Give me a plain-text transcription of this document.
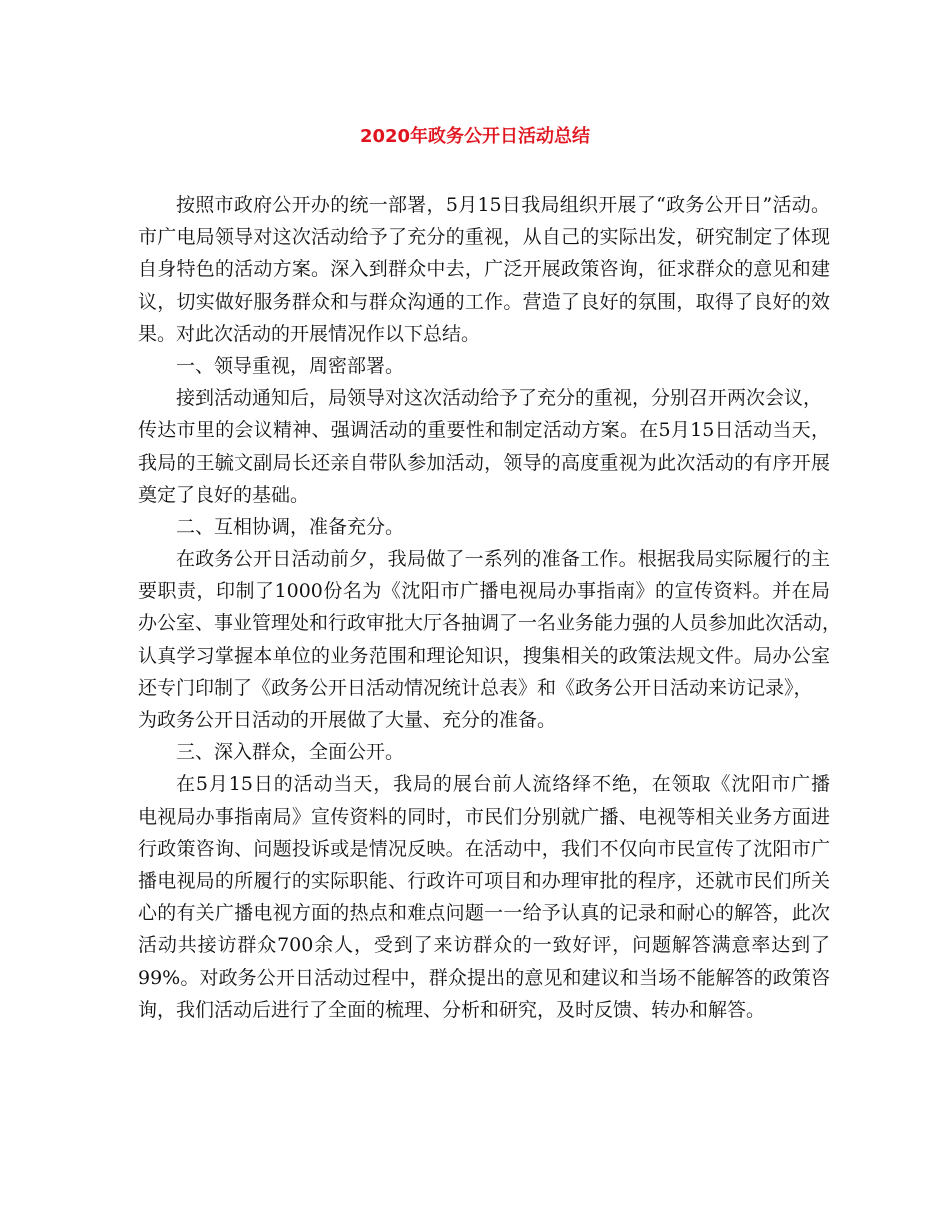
2020年政务公开日活动总结
按照市政府公开办的统一部署，5月15日我局组织开展了“政务公开日”活动。
市广电局领导对这次活动给予了充分的重视，从自己的实际出发，研究制定了体现
自身特色的活动方案。深入到群众中去，广泛开展政策咨询，征求群众的意见和建
议，切实做好服务群众和与群众沟通的工作。营造了良好的氛围，取得了良好的效
果。对此次活动的开展情况作以下总结。
一、领导重视，周密部署。
接到活动通知后，局领导对这次活动给予了充分的重视，分别召开两次会议，
传达市里的会议精神、强调活动的重要性和制定活动方案。在5月15日活动当天，
我局的王毓文副局长还亲自带队参加活动，领导的高度重视为此次活动的有序开展
奠定了良好的基础。
二、互相协调，准备充分。
在政务公开日活动前夕，我局做了一系列的准备工作。根据我局实际履行的主
要职责，印制了1000份名为《沈阳市广播电视局办事指南》的宣传资料。并在局
办公室、事业管理处和行政审批大厅各抽调了一名业务能力强的人员参加此次活动，
认真学习掌握本单位的业务范围和理论知识，搜集相关的政策法规文件。局办公室
还专门印制了《政务公开日活动情况统计总表》和《政务公开日活动来访记录》，
为政务公开日活动的开展做了大量、充分的准备。
三、深入群众，全面公开。
在5月15日的活动当天，我局的展台前人流络绎不绝，在领取《沈阳市广播
电视局办事指南局》宣传资料的同时，市民们分别就广播、电视等相关业务方面进
行政策咨询、问题投诉或是情况反映。在活动中，我们不仅向市民宣传了沈阳市广
播电视局的所履行的实际职能、行政许可项目和办理审批的程序，还就市民们所关
心的有关广播电视方面的热点和难点问题一一给予认真的记录和耐心的解答，此次
活动共接访群众700余人，受到了来访群众的一致好评，问题解答满意率达到了
99%。对政务公开日活动过程中，群众提出的意见和建议和当场不能解答的政策咨
询，我们活动后进行了全面的梳理、分析和研究，及时反馈、转办和解答。
